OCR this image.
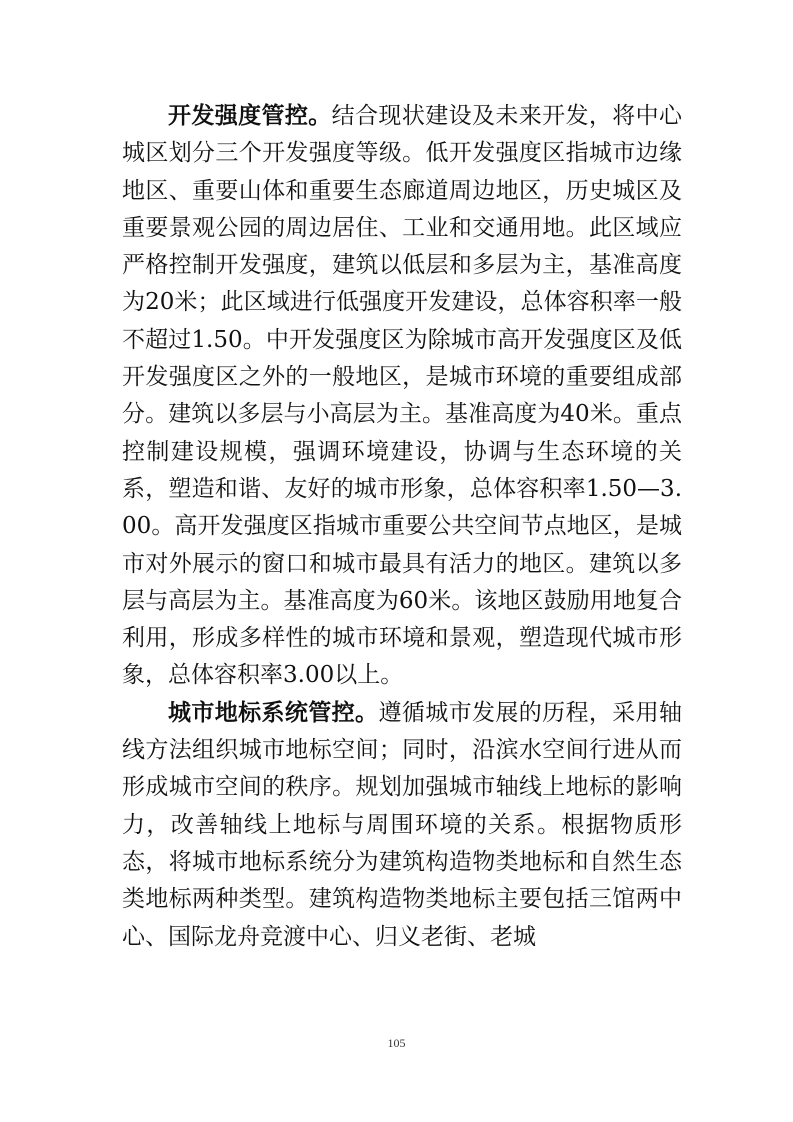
开发强度管控。结合现状建设及未来开发，将中心城区划分三个开发强度等级。低开发强度区指城市边缘地区、重要山体和重要生态廊道周边地区，历史城区及重要景观公园的周边居住、工业和交通用地。此区域应严格控制开发强度，建筑以低层和多层为主，基准高度为20米；此区域进行低强度开发建设，总体容积率一般不超过1.50。中开发强度区为除城市高开发强度区及低开发强度区之外的一般地区，是城市环境的重要组成部分。建筑以多层与小高层为主。基准高度为40米。重点控制建设规模，强调环境建设，协调与生态环境的关系，塑造和谐、友好的城市形象，总体容积率1.50—3.00。高开发强度区指城市重要公共空间节点地区，是城市对外展示的窗口和城市最具有活力的地区。建筑以多层与高层为主。基准高度为60米。该地区鼓励用地复合利用，形成多样性的城市环境和景观，塑造现代城市形象，总体容积率3.00以上。

城市地标系统管控。遵循城市发展的历程，采用轴线方法组织城市地标空间；同时，沿滨水空间行进从而形成城市空间的秩序。规划加强城市轴线上地标的影响力，改善轴线上地标与周围环境的关系。根据物质形态，将城市地标系统分为建筑构造物类地标和自然生态类地标两种类型。建筑构造物类地标主要包括三馆两中心、国际龙舟竞渡中心、归义老街、老城

105
